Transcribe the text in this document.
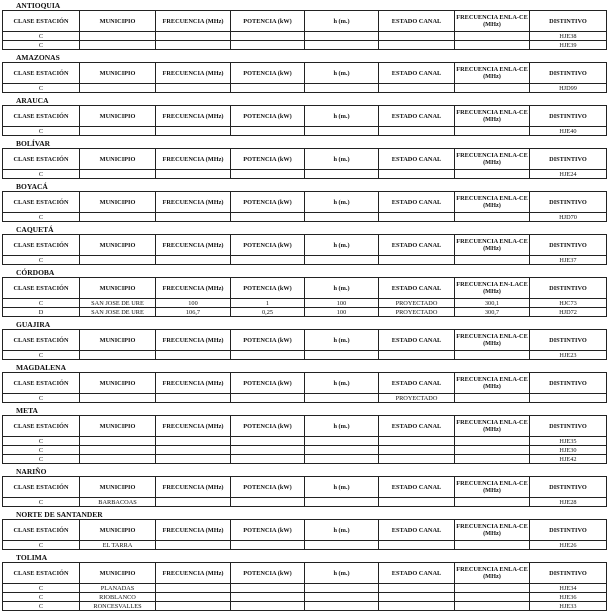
ANTIOQUIA
CLASE ESTACIÓN	MUNICIPIO	FRECUENCIA (MHz)	POTENCIA (kW)	h (m.)	ESTADO CANAL	FRECUENCIA ENLA-CE (MHz)	DISTINTIVO
C							HJE38
C							HJE39
AMAZONAS
CLASE ESTACIÓN	MUNICIPIO	FRECUENCIA (MHz)	POTENCIA (kW)	h (m.)	ESTADO CANAL	FRECUENCIA ENLA-CE (MHz)	DISTINTIVO
C							HJD99
ARAUCA
CLASE ESTACIÓN	MUNICIPIO	FRECUENCIA (MHz)	POTENCIA (kW)	h (m.)	ESTADO CANAL	FRECUENCIA ENLA-CE (MHz)	DISTINTIVO
C							HJE40
BOLÍVAR
CLASE ESTACIÓN	MUNICIPIO	FRECUENCIA (MHz)	POTENCIA (kW)	h (m.)	ESTADO CANAL	FRECUENCIA ENLA-CE (MHz)	DISTINTIVO
C							HJE24
BOYACÁ
CLASE ESTACIÓN	MUNICIPIO	FRECUENCIA (MHz)	POTENCIA (kW)	h (m.)	ESTADO CANAL	FRECUENCIA ENLA-CE (MHz)	DISTINTIVO
C							HJD70
CAQUETÁ
CLASE ESTACIÓN	MUNICIPIO	FRECUENCIA (MHz)	POTENCIA (kW)	h (m.)	ESTADO CANAL	FRECUENCIA ENLA-CE (MHz)	DISTINTIVO
C							HJE37
CÓRDOBA
CLASE ESTACIÓN	MUNICIPIO	FRECUENCIA (MHz)	POTENCIA (kW)	h (m.)	ESTADO CANAL	FRECUENCIA EN-LACE (MHz)	DISTINTIVO
C	SAN JOSE DE URE	100	1	100	PROYECTADO	300,1	HJC73
D	SAN JOSE DE URE	106,7	0,25	100	PROYECTADO	300,7	HJD72
GUAJIRA
CLASE ESTACIÓN	MUNICIPIO	FRECUENCIA (MHz)	POTENCIA (kW)	h (m.)	ESTADO CANAL	FRECUENCIA ENLA-CE (MHz)	DISTINTIVO
C							HJE23
MAGDALENA
CLASE ESTACIÓN	MUNICIPIO	FRECUENCIA (MHz)	POTENCIA (kW)	h (m.)	ESTADO CANAL	FRECUENCIA ENLA-CE (MHz)	DISTINTIVO
C					PROYECTADO		
META
CLASE ESTACIÓN	MUNICIPIO	FRECUENCIA (MHz)	POTENCIA (kW)	h (m.)	ESTADO CANAL	FRECUENCIA ENLA-CE (MHz)	DISTINTIVO
C							HJE35
C							HJE30
C							HJE42
NARIÑO
CLASE ESTACIÓN	MUNICIPIO	FRECUENCIA (MHz)	POTENCIA (kW)	h (m.)	ESTADO CANAL	FRECUENCIA ENLA-CE (MHz)	DISTINTIVO
C	BARBACOAS						HJE28
NORTE DE SANTANDER
CLASE ESTACIÓN	MUNICIPIO	FRECUENCIA (MHz)	POTENCIA (kW)	h (m.)	ESTADO CANAL	FRECUENCIA ENLA-CE (MHz)	DISTINTIVO
C	EL TARRA						HJE26
TOLIMA
CLASE ESTACIÓN	MUNICIPIO	FRECUENCIA (MHz)	POTENCIA (kW)	h (m.)	ESTADO CANAL	FRECUENCIA ENLA-CE (MHz)	DISTINTIVO
C	PLANADAS						HJE34
C	RIOBLANCO						HJE36
C	RONCESVALLES						HJE33
